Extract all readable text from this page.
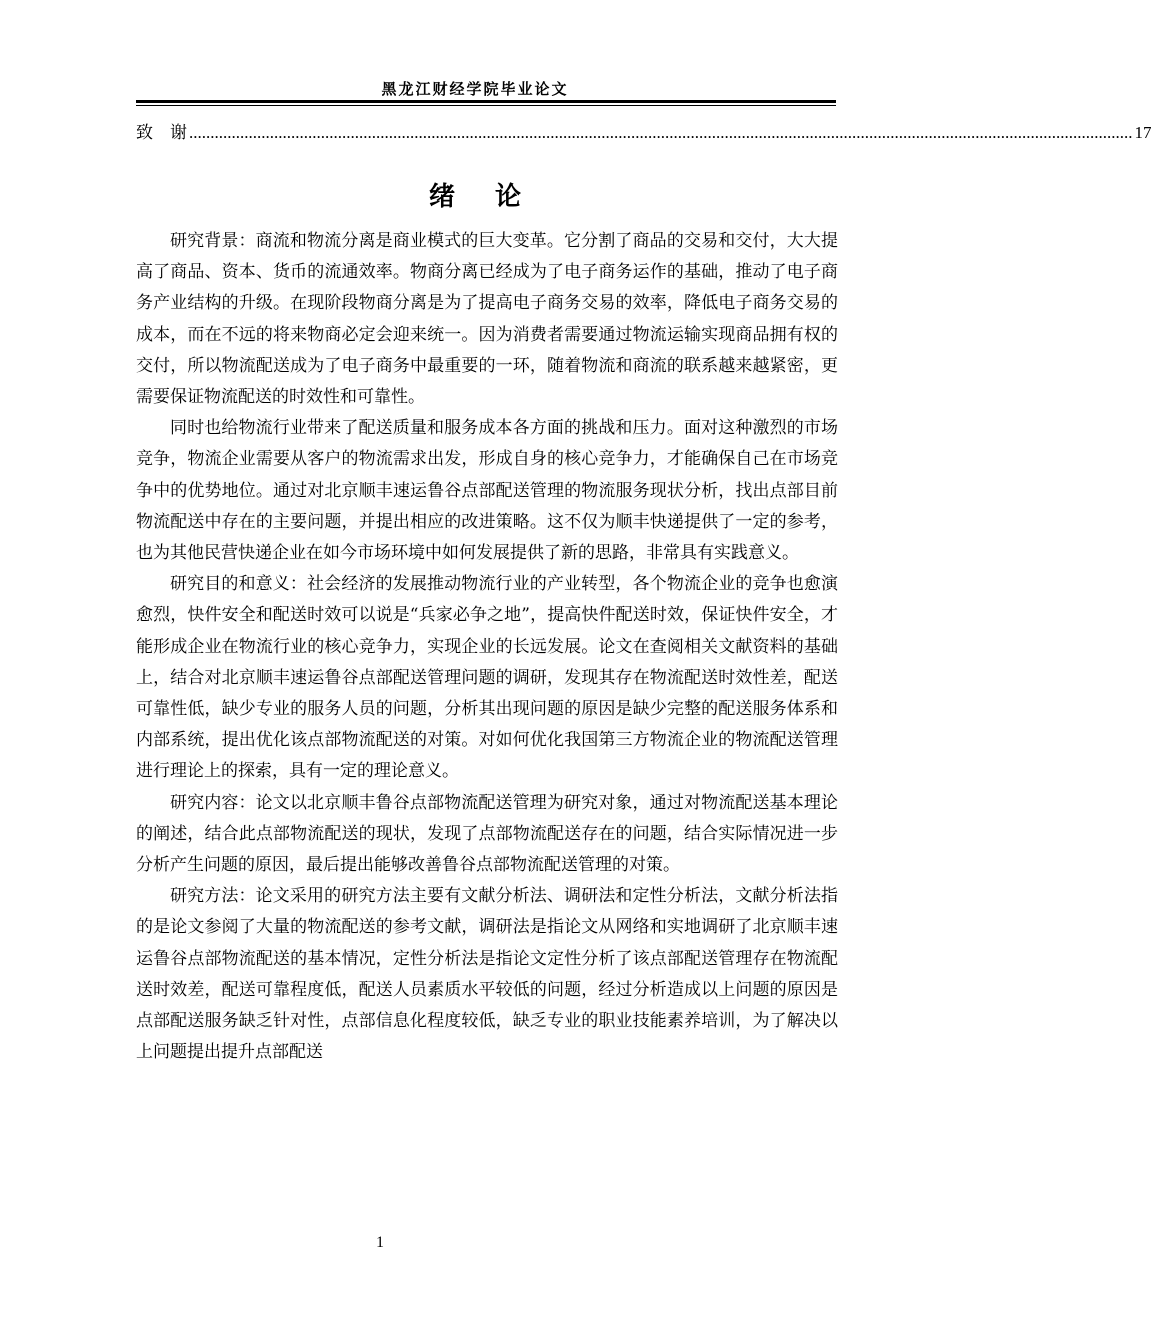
黑龙江财经学院毕业论文
致    谢 .............................................................................................................................................................................................................................. 17
绪论

研究背景：商流和物流分离是商业模式的巨大变革。它分割了商品的交易和交付，大大提高了商品、资本、货币的流通效率。物商分离已经成为了电子商务运作的基础，推动了电子商务产业结构的升级。在现阶段物商分离是为了提高电子商务交易的效率，降低电子商务交易的成本，而在不远的将来物商必定会迎来统一。因为消费者需要通过物流运输实现商品拥有权的交付，所以物流配送成为了电子商务中最重要的一环，随着物流和商流的联系越来越紧密，更需要保证物流配送的时效性和可靠性。

同时也给物流行业带来了配送质量和服务成本各方面的挑战和压力。面对这种激烈的市场竞争，物流企业需要从客户的物流需求出发，形成自身的核心竞争力，才能确保自己在市场竞争中的优势地位。通过对北京顺丰速运鲁谷点部配送管理的物流服务现状分析，找出点部目前物流配送中存在的主要问题，并提出相应的改进策略。这不仅为顺丰快递提供了一定的参考，也为其他民营快递企业在如今市场环境中如何发展提供了新的思路，非常具有实践意义。

研究目的和意义：社会经济的发展推动物流行业的产业转型，各个物流企业的竞争也愈演愈烈，快件安全和配送时效可以说是“兵家必争之地”，提高快件配送时效，保证快件安全，才能形成企业在物流行业的核心竞争力，实现企业的长远发展。论文在查阅相关文献资料的基础上，结合对北京顺丰速运鲁谷点部配送管理问题的调研，发现其存在物流配送时效性差，配送可靠性低，缺少专业的服务人员的问题，分析其出现问题的原因是缺少完整的配送服务体系和内部系统，提出优化该点部物流配送的对策。对如何优化我国第三方物流企业的物流配送管理进行理论上的探索，具有一定的理论意义。

研究内容：论文以北京顺丰鲁谷点部物流配送管理为研究对象，通过对物流配送基本理论的阐述，结合此点部物流配送的现状，发现了点部物流配送存在的问题，结合实际情况进一步分析产生问题的原因，最后提出能够改善鲁谷点部物流配送管理的对策。

研究方法：论文采用的研究方法主要有文献分析法、调研法和定性分析法，文献分析法指的是论文参阅了大量的物流配送的参考文献，调研法是指论文从网络和实地调研了北京顺丰速运鲁谷点部物流配送的基本情况，定性分析法是指论文定性分析了该点部配送管理存在物流配送时效差，配送可靠程度低，配送人员素质水平较低的问题，经过分析造成以上问题的原因是点部配送服务缺乏针对性，点部信息化程度较低，缺乏专业的职业技能素养培训，为了解决以上问题提出提升点部配送

1
